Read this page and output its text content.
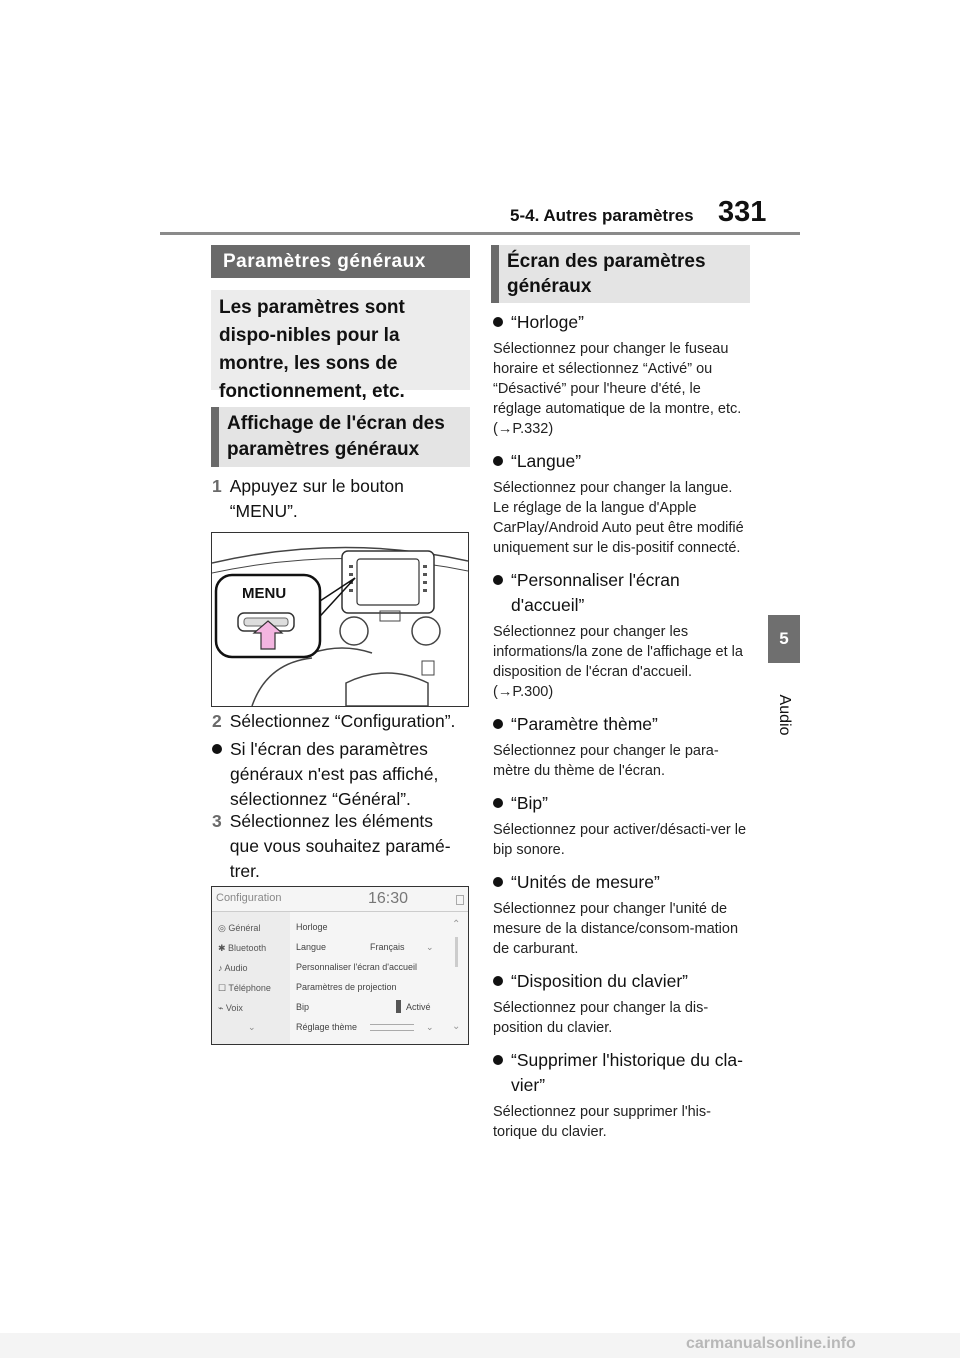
5-4. Autres paramètres 331
5
Audio
Paramètres généraux
Les paramètres sont dispo-nibles pour la montre, les sons de fonctionnement, etc.
Affichage de l'écran des paramètres généraux
1 Appuyez sur le bouton “MENU”.
MENU
2 Sélectionnez “Configuration”.
Si l'écran des paramètres généraux n'est pas affiché, sélectionnez “Général”.
3 Sélectionnez les éléments que vous souhaitez paramé-trer.
Configuration	16:30
◎ Général
✱ Bluetooth
♪ Audio
☐ Téléphone
⌁ Voix
⌄
Horloge
Langue	Français ⌄
Personnaliser l'écran d'accueil
Paramètres de projection
Bip	Activé
Réglage thème	⌄
⌃
⌄
Écran des paramètres généraux
“Horloge”
Sélectionnez pour changer le fuseau horaire et sélectionnez “Activé” ou “Désactivé” pour l'heure d'été, le réglage automatique de la montre, etc. (→P.332)
“Langue”
Sélectionnez pour changer la langue. Le réglage de la langue d'Apple CarPlay/Android Auto peut être modifié uniquement sur le dis-positif connecté.
“Personnaliser l'écran d'accueil”
Sélectionnez pour changer les informations/la zone de l'affichage et la disposition de l'écran d'accueil. (→P.300)
“Paramètre thème”
Sélectionnez pour changer le para-mètre du thème de l'écran.
“Bip”
Sélectionnez pour activer/désacti-ver le bip sonore.
“Unités de mesure”
Sélectionnez pour changer l'unité de mesure de la distance/consom-mation de carburant.
“Disposition du clavier”
Sélectionnez pour changer la dis-position du clavier.
“Supprimer l'historique du cla-vier”
Sélectionnez pour supprimer l'his-torique du clavier.
carmanualsonline.info
